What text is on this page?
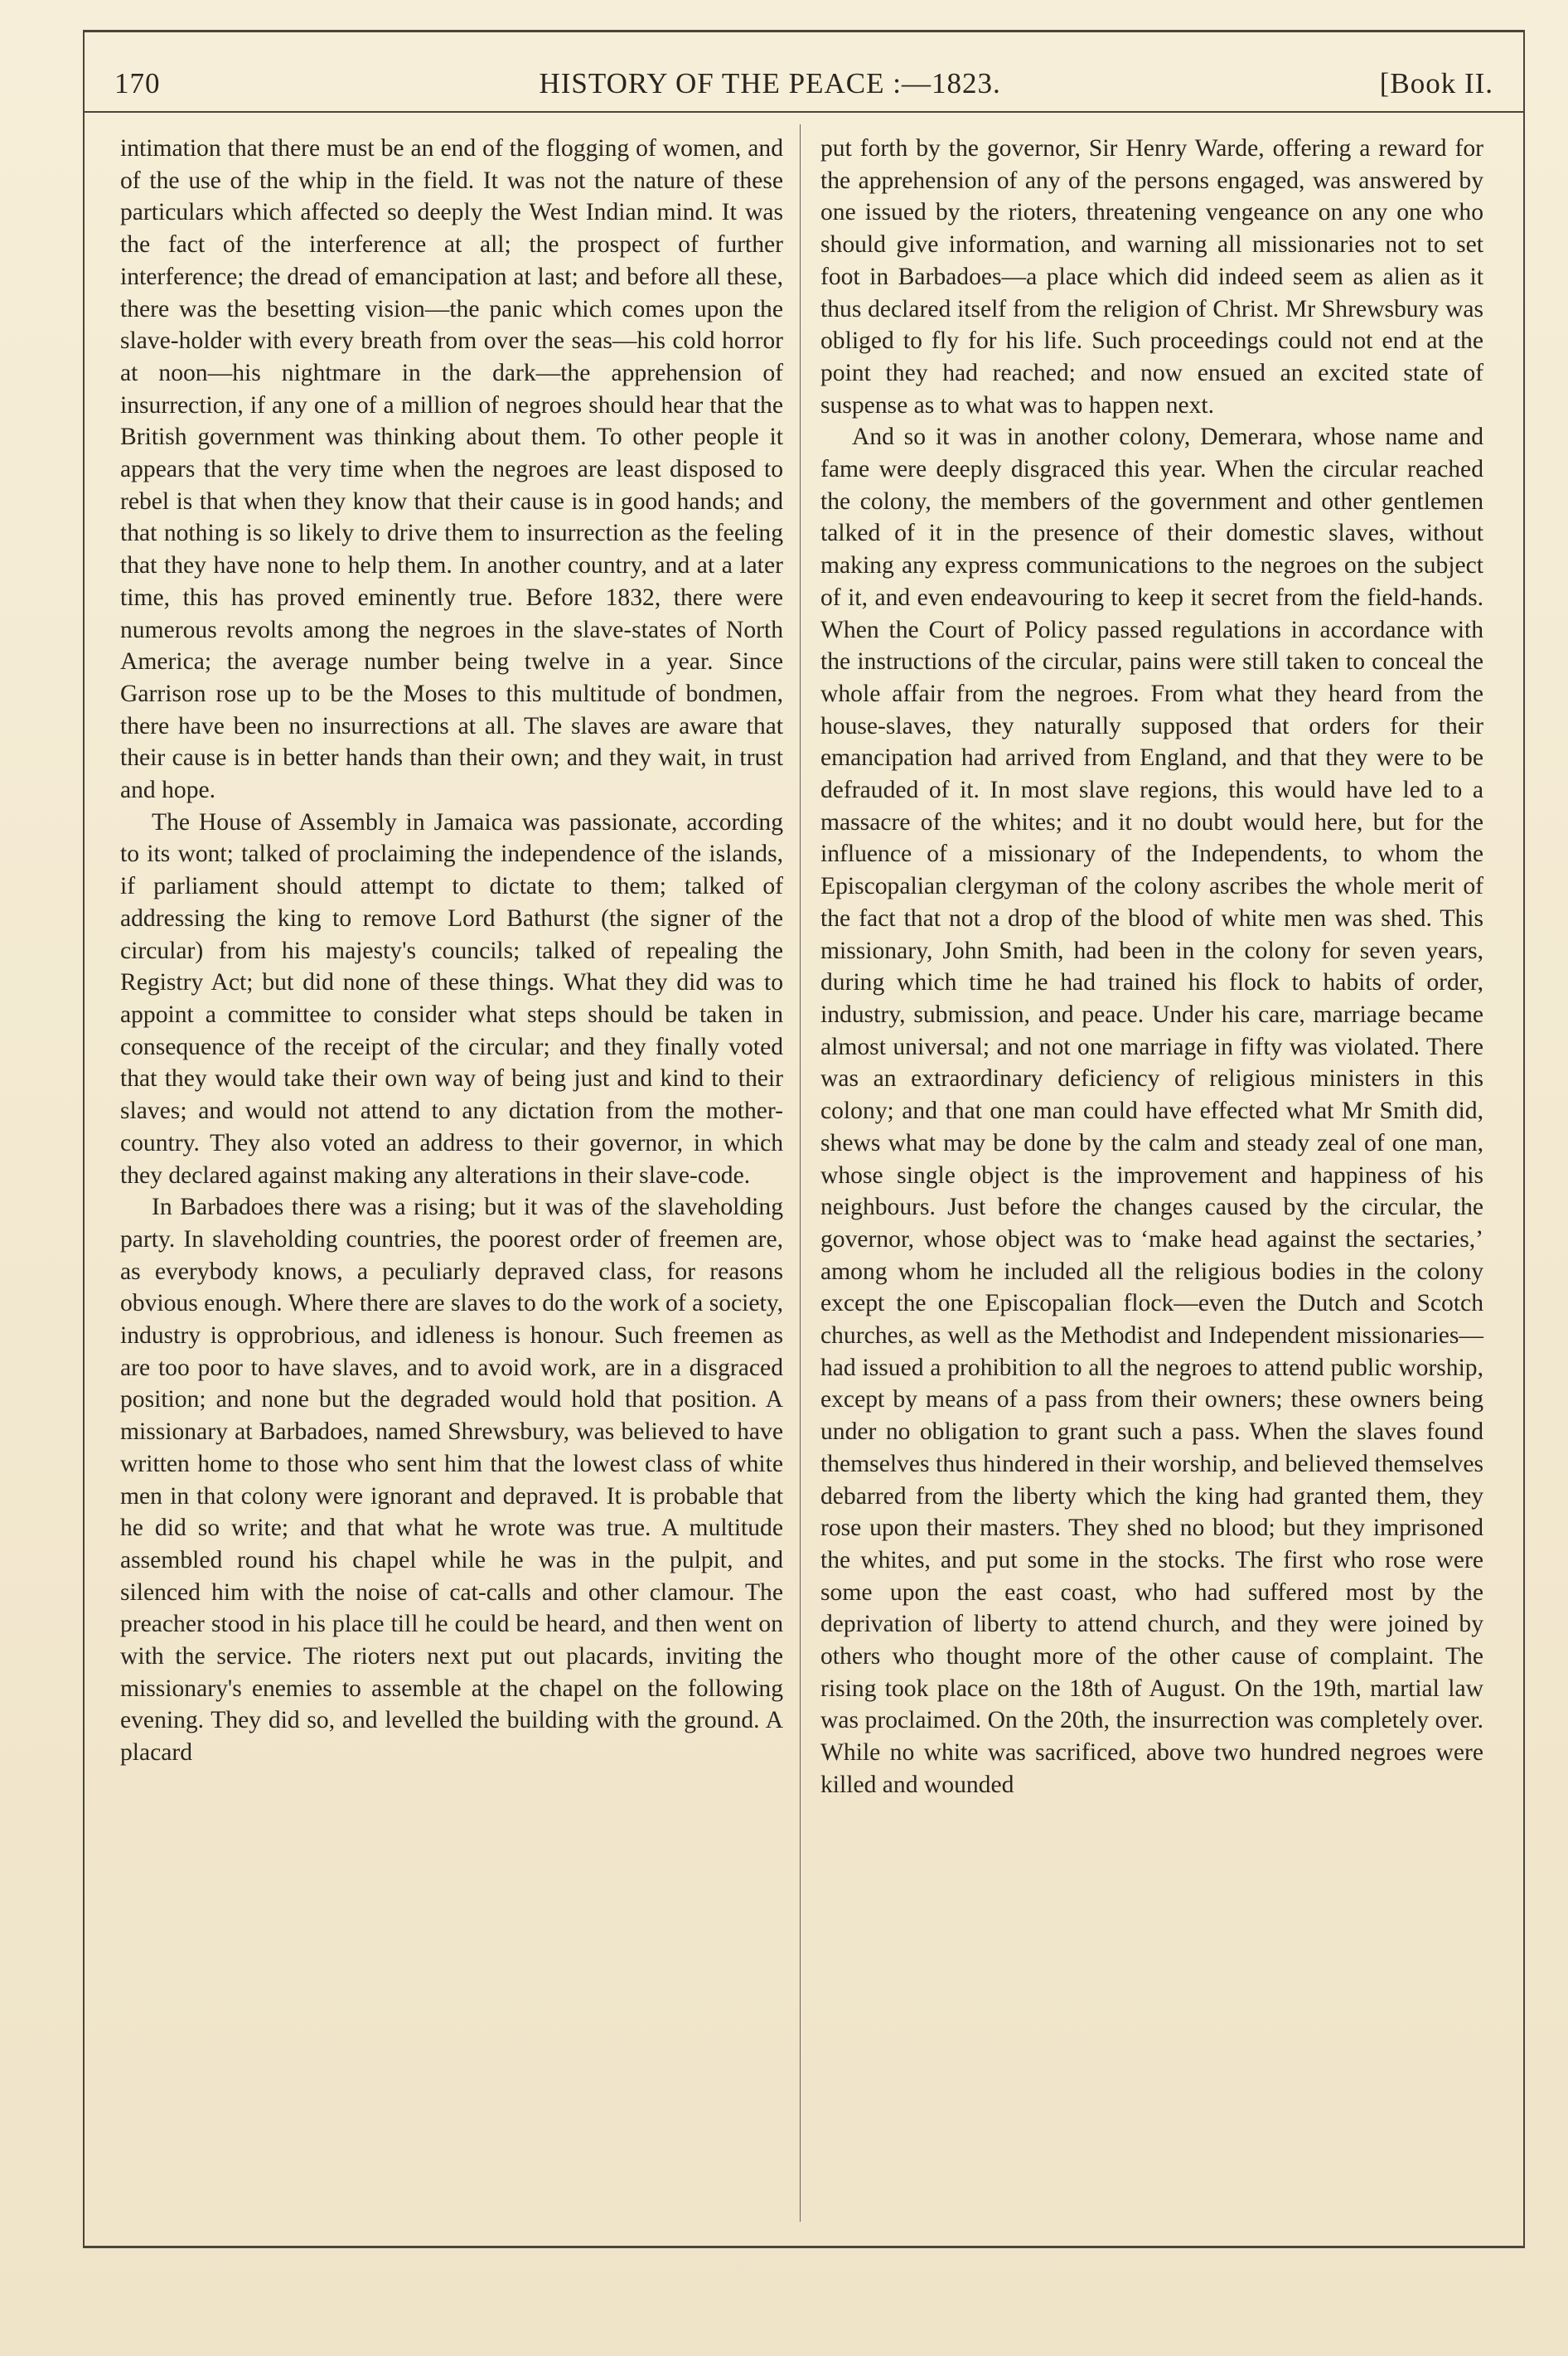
170	HISTORY OF THE PEACE :—1823.	[Book II.

intimation that there must be an end of the flogging of women, and of the use of the whip in the field. It was not the nature of these particulars which affected so deeply the West Indian mind. It was the fact of the interference at all; the prospect of further interference; the dread of emancipation at last; and before all these, there was the besetting vision—the panic which comes upon the slave-holder with every breath from over the seas—his cold horror at noon—his nightmare in the dark—the apprehension of insurrection, if any one of a million of negroes should hear that the British government was thinking about them. To other people it appears that the very time when the negroes are least disposed to rebel is that when they know that their cause is in good hands; and that nothing is so likely to drive them to insurrection as the feeling that they have none to help them. In another country, and at a later time, this has proved eminently true. Before 1832, there were numerous revolts among the negroes in the slave-states of North America; the average number being twelve in a year. Since Garrison rose up to be the Moses to this multitude of bondmen, there have been no insurrections at all. The slaves are aware that their cause is in better hands than their own; and they wait, in trust and hope.

The House of Assembly in Jamaica was passionate, according to its wont; talked of proclaiming the independence of the islands, if parliament should attempt to dictate to them; talked of addressing the king to remove Lord Bathurst (the signer of the circular) from his majesty's councils; talked of repealing the Registry Act; but did none of these things. What they did was to appoint a committee to consider what steps should be taken in consequence of the receipt of the circular; and they finally voted that they would take their own way of being just and kind to their slaves; and would not attend to any dictation from the mother-country. They also voted an address to their governor, in which they declared against making any alterations in their slave-code.

In Barbadoes there was a rising; but it was of the slaveholding party. In slaveholding countries, the poorest order of freemen are, as everybody knows, a peculiarly depraved class, for reasons obvious enough. Where there are slaves to do the work of a society, industry is opprobrious, and idleness is honour. Such freemen as are too poor to have slaves, and to avoid work, are in a disgraced position; and none but the degraded would hold that position. A missionary at Barbadoes, named Shrewsbury, was believed to have written home to those who sent him that the lowest class of white men in that colony were ignorant and depraved. It is probable that he did so write; and that what he wrote was true. A multitude assembled round his chapel while he was in the pulpit, and silenced him with the noise of cat-calls and other clamour. The preacher stood in his place till he could be heard, and then went on with the service. The rioters next put out placards, inviting the missionary's enemies to assemble at the chapel on the following evening. They did so, and levelled the building with the ground. A placard

put forth by the governor, Sir Henry Warde, offering a reward for the apprehension of any of the persons engaged, was answered by one issued by the rioters, threatening vengeance on any one who should give information, and warning all missionaries not to set foot in Barbadoes—a place which did indeed seem as alien as it thus declared itself from the religion of Christ. Mr Shrewsbury was obliged to fly for his life. Such proceedings could not end at the point they had reached; and now ensued an excited state of suspense as to what was to happen next.

And so it was in another colony, Demerara, whose name and fame were deeply disgraced this year. When the circular reached the colony, the members of the government and other gentlemen talked of it in the presence of their domestic slaves, without making any express communications to the negroes on the subject of it, and even endeavouring to keep it secret from the field-hands. When the Court of Policy passed regulations in accordance with the instructions of the circular, pains were still taken to conceal the whole affair from the negroes. From what they heard from the house-slaves, they naturally supposed that orders for their emancipation had arrived from England, and that they were to be defrauded of it. In most slave regions, this would have led to a massacre of the whites; and it no doubt would here, but for the influence of a missionary of the Independents, to whom the Episcopalian clergyman of the colony ascribes the whole merit of the fact that not a drop of the blood of white men was shed. This missionary, John Smith, had been in the colony for seven years, during which time he had trained his flock to habits of order, industry, submission, and peace. Under his care, marriage became almost universal; and not one marriage in fifty was violated. There was an extraordinary deficiency of religious ministers in this colony; and that one man could have effected what Mr Smith did, shews what may be done by the calm and steady zeal of one man, whose single object is the improvement and happiness of his neighbours. Just before the changes caused by the circular, the governor, whose object was to ‘make head against the sectaries,’ among whom he included all the religious bodies in the colony except the one Episcopalian flock—even the Dutch and Scotch churches, as well as the Methodist and Independent missionaries—had issued a prohibition to all the negroes to attend public worship, except by means of a pass from their owners; these owners being under no obligation to grant such a pass. When the slaves found themselves thus hindered in their worship, and believed themselves debarred from the liberty which the king had granted them, they rose upon their masters. They shed no blood; but they imprisoned the whites, and put some in the stocks. The first who rose were some upon the east coast, who had suffered most by the deprivation of liberty to attend church, and they were joined by others who thought more of the other cause of complaint. The rising took place on the 18th of August. On the 19th, martial law was proclaimed. On the 20th, the insurrection was completely over. While no white was sacrificed, above two hundred negroes were killed and wounded
